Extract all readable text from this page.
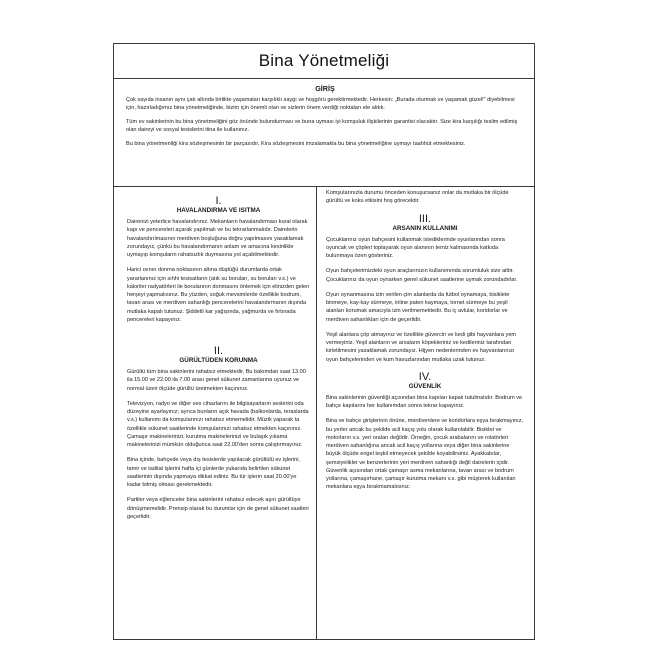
Bina Yönetmeliği
GİRİŞ

Çok sayıda insanın aynı çatı altında birlikte yaşamaları karşılıklı saygı ve hoşgörü gerektirmektedir. Herkesin: „Burada oturmak ve yaşamak güzel!" diyebilmesi için, hazırladığımız bina yönetmeliğinde, bizim için önemli olan ve sizlerin önem verdiği noktaları ele aldık.

Tüm ev sakinlerinin bu bina yönetmeliğini göz önünde bulundurması ve buna uyması iyi komşuluk ilişkilerinin garantisi olacaktır. Size kira karşılığı teslim edilmiş olan daireyi ve sosyal tesislerini itina ile kullanınız.

Bu bina yönetmenliği kira sözleşmesinin bir parçasıdır. Kira sözleşmesini imzalamakla bu bina yönetmeliğine uymayı taahhüt etmektesiniz.

I.
HAVALANDIRMA VE ISITMA

Dairenizi yeterlice havalandırınız. Mekanların havalandırması kural olarak kapı ve pencereleri açarak yapılmalı ve bu tekrarlanmalıdır. Dairelerin havalandırılmasının merdiven boşluğuna doğru yapılmasını yasaklamak zorundayız, çünkü bu havalandırmanın anlam ve amacına kesinlikle uymayıp komşuların rahatsızlık duymasına yol açabilmektedir.

Harici ısının donma noktasının altına düştüğü durumlarda ortak yararlanınız için sıhhi tesisatların (atık su boruları, su boruları v.s.) ve kaloriler radyatörleri ile borularının donmasını önlemek için elinizden gelen herşeyi yapmalısınız. Bu yüzden, soğuk mevsimlerde özellikle bodrum, tavan arası ve merdiven sahanlığı pencerelerini havalandırmanın dışında mutlaka kapalı tutunuz. Şiddetli kar yağışında, yağmurda ve fırtınada pencereleri kapayınız.

II.
GÜRÜLTÜDEN KORUNMA

Gürültü tüm bina sakinlerini rahatsız etmektedir. Bu bakımdan saat 13.00 ila 15.00 ve 22.00 ila 7.00 arası genel sükunet zamanlarına uyunuz ve normal üzeri ölçüde gürültü üretmekten kaçınınız.

Televizyon, radyo ve diğer ses cihazlarını ile bilgisayarların seslerini oda düzeyine ayarlayınız; ayrıca bunların açık havada (balkonlarda, teraslarda v.s.) kullanımı da komşularınızı rahatsız etmemelidir. Müzik yaparak ta özellikle sükunet saatlerinde komşularınızı rahatsız etmekten kaçınınız. Çamaşır makinelerinizi, kurutma makinelerinizi ve bulaşık yıkama makinelerinizi mümkün olduğunca saat 22.00'den sonra çalıştırmayınız.

Bina içinde, bahçede veya dış tesislerde yapılacak gürültülü ev işlerini, tamir ve tadilat işlerini hafta içi günlerde yukarıda belirtilen sükunet saatlerinin dışında yapmaya dikkat ediniz. Bu tür işlerin saat 20.00'ye kadar bitmiş olması gerekmektedir.

Partiler veya eğlenceler bina sakinlerini rahatsız edecek aşırı gürültüye dönüşmemelidir. Prensip olarak bu durumlar için de genel sükunet saatleri geçerlidir.

Komşularınızla durumu önceden konuşursanız onlar da mutlaka bir ölçüde gürültü ve koku etkisini hoş görecektir.

III.
ARSANIN KULLANIMI

Çocuklarınız oyun bahçesini kullanmak istediklerinde oyunlarından sonra oyuncak ve çöpleri toplayarak oyun alanının temiz kalmasında katkıda bulunmaya özen gösteriniz.

Oyun bahçelerimizdeki oyun araçlarınızın kullanımında sorumluluk size aittir. Çocuklarınız da oyun oynarken genel sükunet saatlerine uymak zorundadırlar.

Oyun oynanmasına izin verilen çim alanlarda da futbol oynamaya, bisiklete binmeye, kay-kay sürmeye, inline paten kaymaya, tornet sürmeye bu yeşil alanları korumak amacıyla izin verilmemektedir. Bu iç avlular, koridorlar ve merdiven sahanlıkları için de geçerlidir.

Yeşil alanlara çöp atmayınız ve özellikle güvercin ve kedi gibi hayvanlara yem vermeyiniz. Yeşil alanların ve arsaların köpekleriniz ve kedileriniz tarafından kirletilmesini yasaklamak zorundayız. Hijyen nedenlerinden ev hayvanlarınızı oyun bahçelerinden ve kum havuzlarından mutlaka uzak tutunuz.

IV.
GÜVENLİK

Bina sakinlerinin güvenliği açısından bina kapıları kapalı tutulmalıdır. Bodrum ve bahçe kapılarını her kullanımdan sonra tekrar kapayınız.

Bina ve bahçe girişlerinin önüne, merdivenlere ve koridorlara eşya bırakmayınız, bu yerler ancak bu şekilde acil kaçış yolu olarak kullanılabilir. Bisiklet ve motorların v.s. yeri oraları değildir. Örneğin, çocuk arabalarını ve rolatörleri merdiven sahanlığına ancak acil kaçış yollarına veya diğer bina sakinlerine büyük ölçüde engel teşkil etmeyecek şekilde koyabilirsiniz. Ayakkabılar, şemsiyelikler ve benzerlerinin yeri merdiven sahanlığı değil dairelerin içidir. Güvenlik açısından ortak çamaşır asma mekanlarına, tavan arası ve bodrum yollarına, çamaşırhane, çamaşır kurutma mekanı v.s. gibi müşterek kullanılan mekanlara eşya bırakmamalısınız.
